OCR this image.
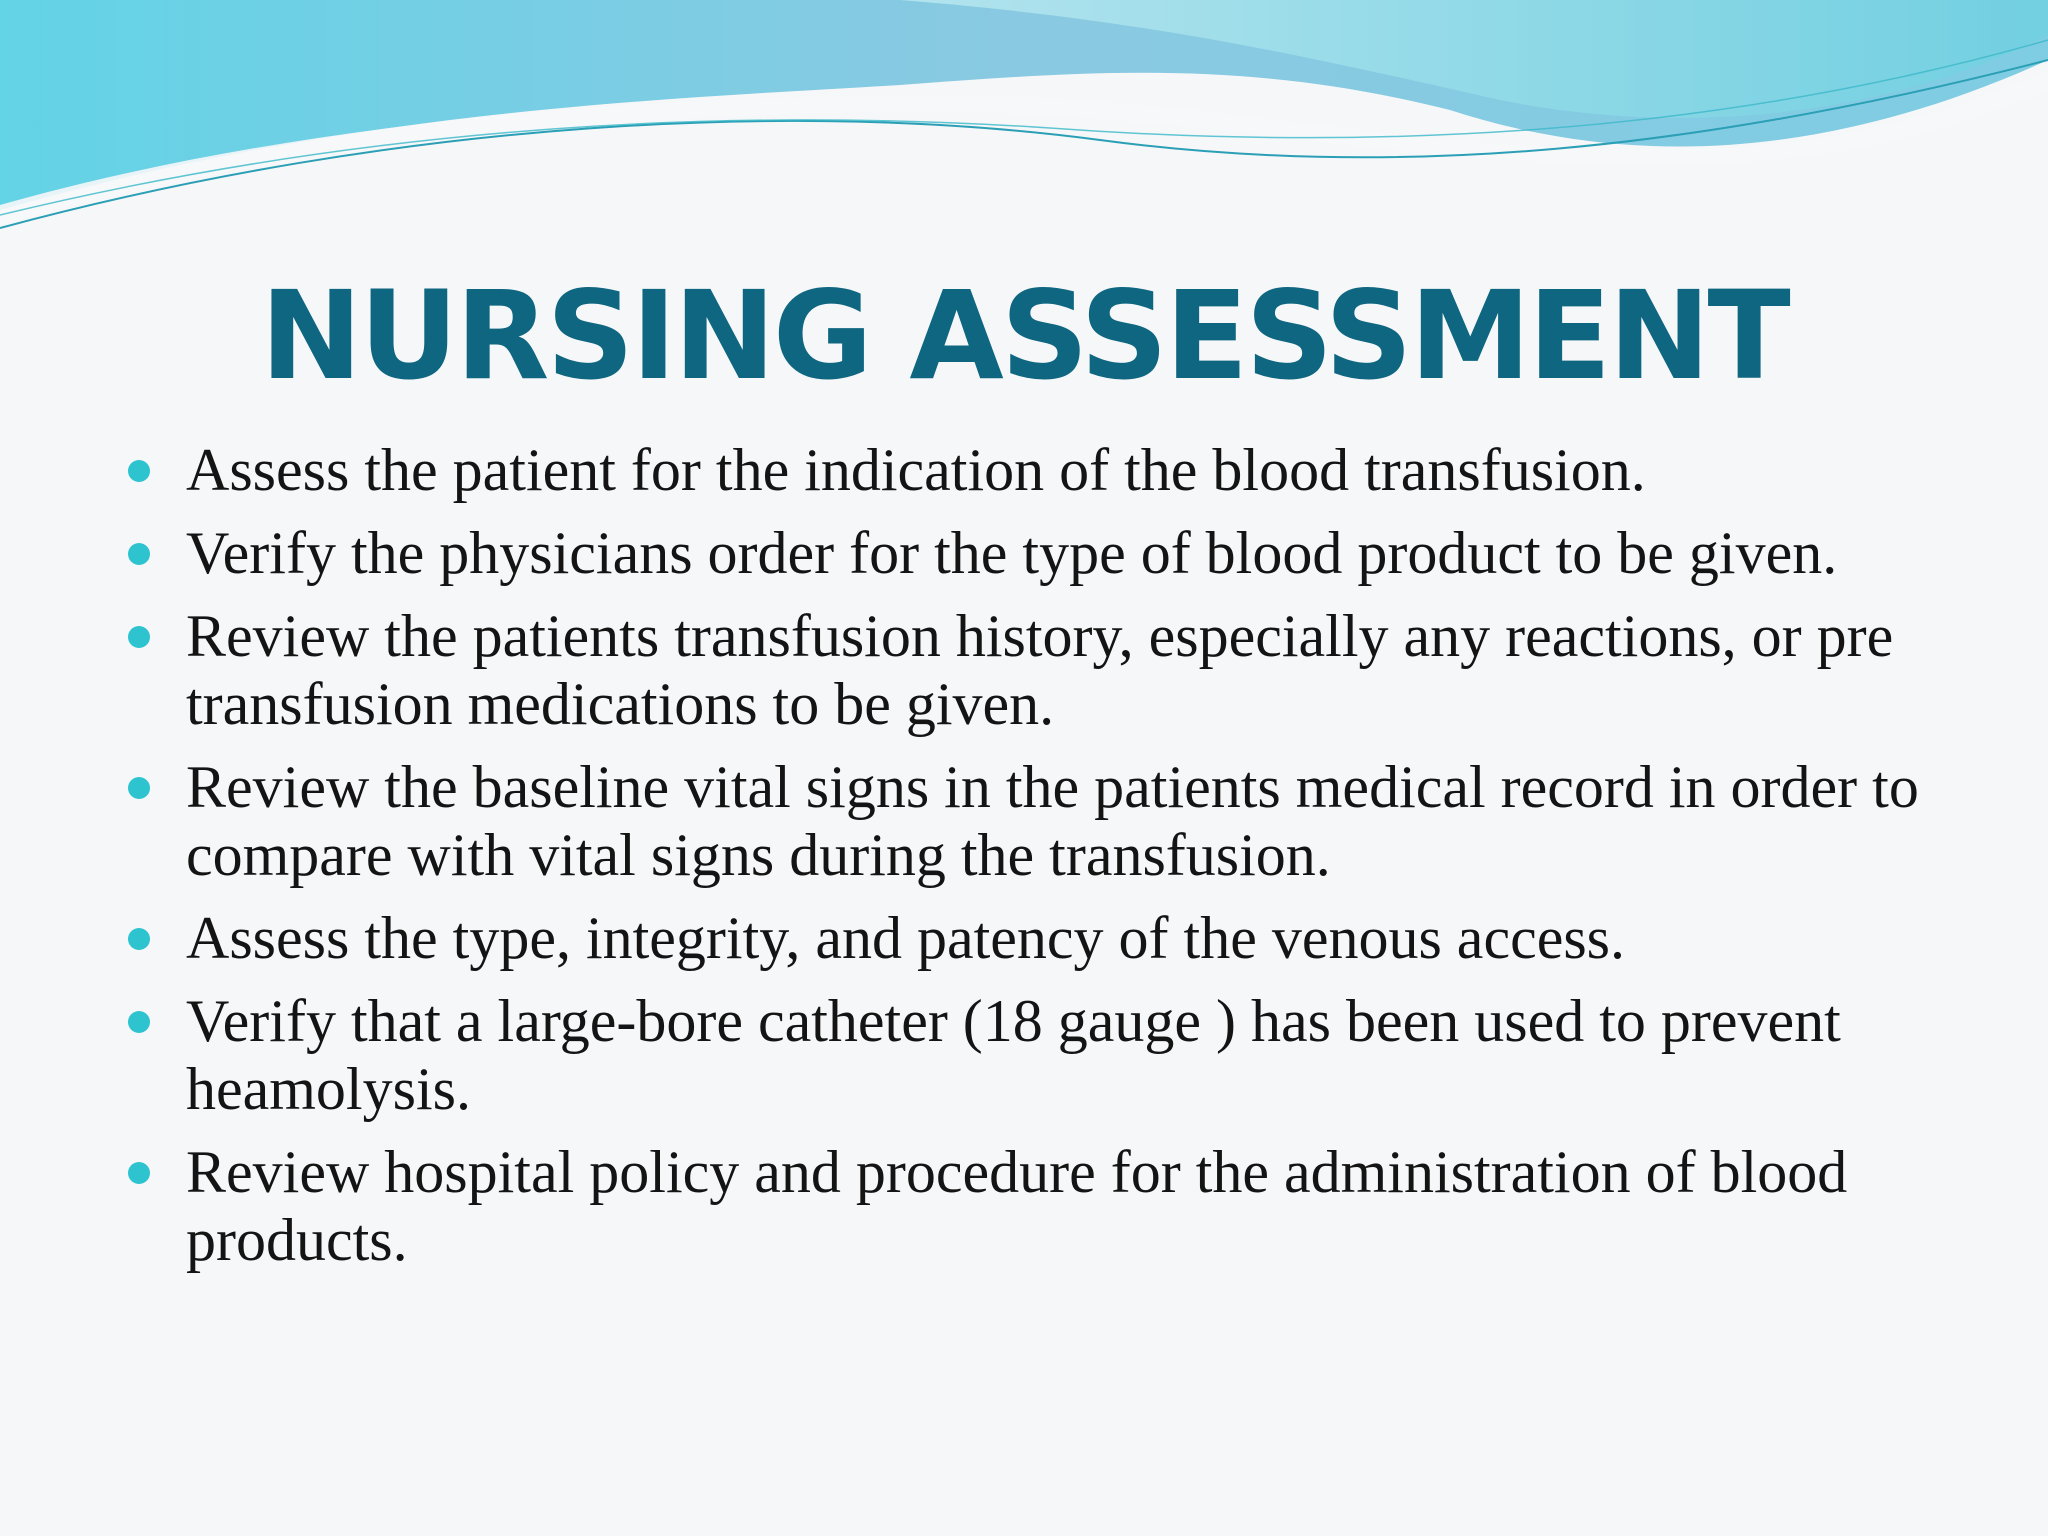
NURSING ASSESSMENT
Assess the patient for the indication of the blood transfusion.
Verify the physicians order for the type of blood product to be given.
Review the patients transfusion history, especially any reactions, or pre transfusion medications to be given.
Review the baseline vital signs in the patients medical record in order to compare with vital signs during the transfusion.
Assess the type, integrity, and patency of the venous access.
Verify that a large-bore catheter (18 gauge ) has been used to prevent heamolysis.
Review hospital policy and procedure for the administration of blood products.
